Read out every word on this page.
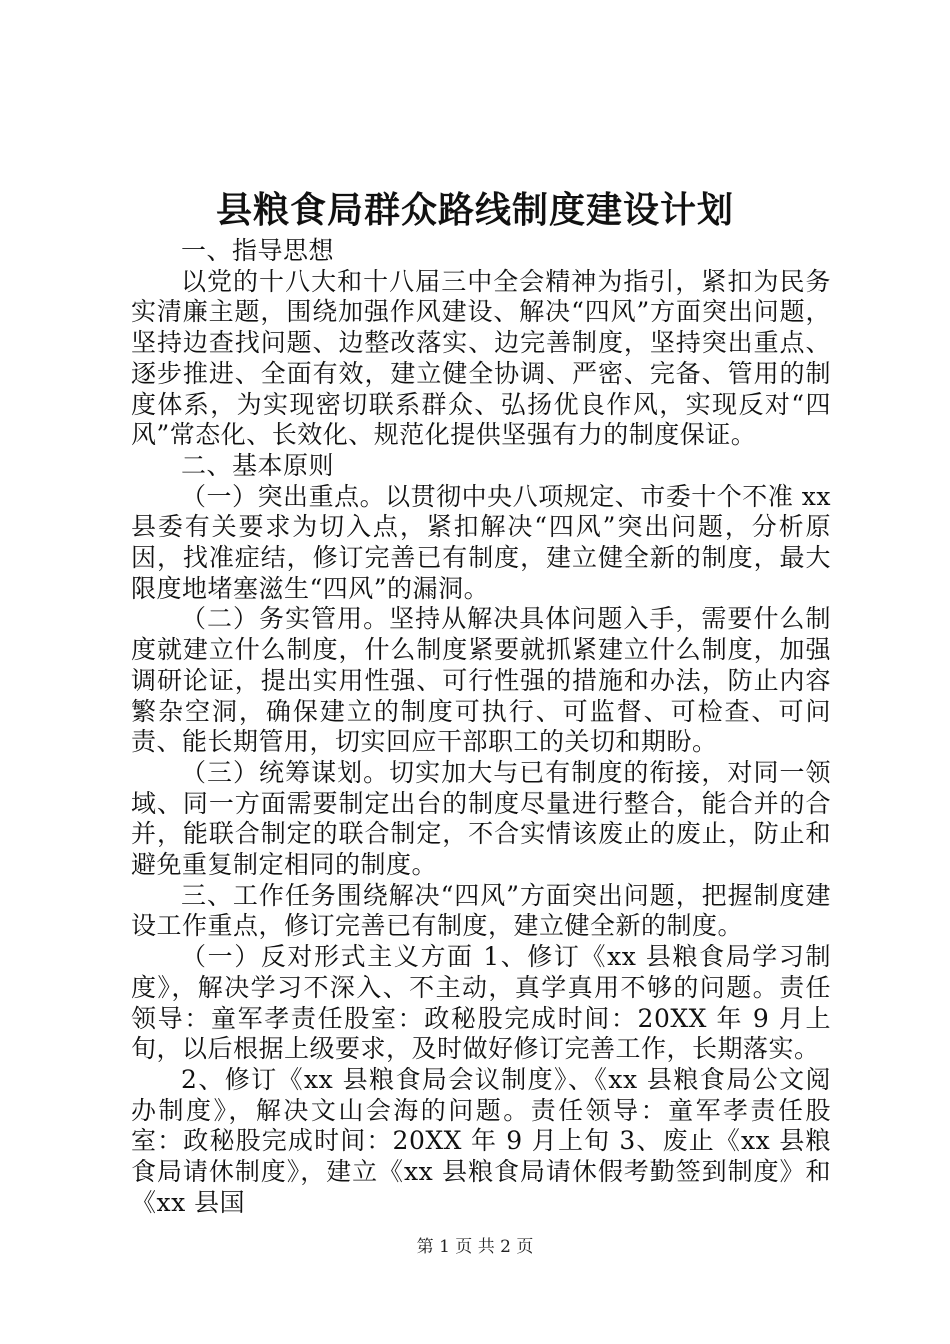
县粮食局群众路线制度建设计划

一、指导思想

以党的十八大和十八届三中全会精神为指引，紧扣为民务实清廉主题，围绕加强作风建设、解决“四风”方面突出问题，坚持边查找问题、边整改落实、边完善制度，坚持突出重点、逐步推进、全面有效，建立健全协调、严密、完备、管用的制度体系，为实现密切联系群众、弘扬优良作风，实现反对“四风”常态化、长效化、规范化提供坚强有力的制度保证。

二、基本原则

（一）突出重点。以贯彻中央八项规定、市委十个不准 xx 县委有关要求为切入点，紧扣解决“四风”突出问题，分析原因，找准症结，修订完善已有制度，建立健全新的制度，最大限度地堵塞滋生“四风”的漏洞。

（二）务实管用。坚持从解决具体问题入手，需要什么制度就建立什么制度，什么制度紧要就抓紧建立什么制度，加强调研论证，提出实用性强、可行性强的措施和办法，防止内容繁杂空洞，确保建立的制度可执行、可监督、可检查、可问责、能长期管用，切实回应干部职工的关切和期盼。

（三）统筹谋划。切实加大与已有制度的衔接，对同一领域、同一方面需要制定出台的制度尽量进行整合，能合并的合并，能联合制定的联合制定，不合实情该废止的废止，防止和避免重复制定相同的制度。

三、工作任务围绕解决“四风”方面突出问题，把握制度建设工作重点，修订完善已有制度，建立健全新的制度。

（一）反对形式主义方面 1、修订《xx 县粮食局学习制度》，解决学习不深入、不主动，真学真用不够的问题。责任领导：童军孝责任股室：政秘股完成时间：20XX 年 9 月上旬，以后根据上级要求，及时做好修订完善工作，长期落实。

2、修订《xx 县粮食局会议制度》、《xx 县粮食局公文阅办制度》，解决文山会海的问题。责任领导：童军孝责任股室：政秘股完成时间：20XX 年 9 月上旬 3、废止《xx 县粮食局请休制度》，建立《xx 县粮食局请休假考勤签到制度》和《xx 县国

第 1 页 共 2 页
